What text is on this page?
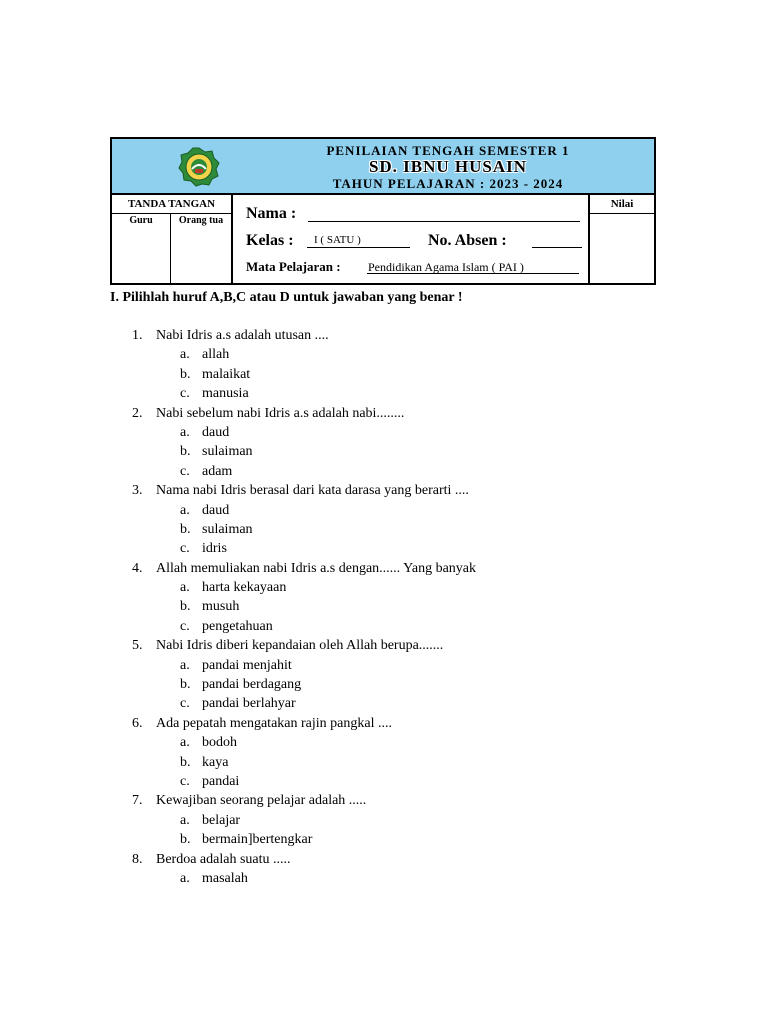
PENILAIAN TENGAH SEMESTER 1
SD. IBNU HUSAIN
TAHUN PELAJARAN : 2023 - 2024
TANDA TANGAN
Guru	Orang tua	Nama :
Kelas : I ( SATU )	No. Absen :
Mata Pelajaran : Pendidikan Agama Islam ( PAI )
Nilai
I. Pilihlah huruf A,B,C atau D untuk jawaban yang benar !
1. Nabi Idris a.s adalah utusan ....
a. allah
b. malaikat
c. manusia
2. Nabi sebelum nabi Idris a.s adalah nabi........
a. daud
b. sulaiman
c. adam
3. Nama nabi Idris berasal dari kata darasa yang berarti ....
a. daud
b. sulaiman
c. idris
4. Allah memuliakan nabi Idris a.s dengan...... Yang banyak
a. harta kekayaan
b. musuh
c. pengetahuan
5. Nabi Idris diberi kepandaian oleh Allah berupa.......
a. pandai menjahit
b. pandai berdagang
c. pandai berlahyar
6. Ada pepatah mengatakan rajin pangkal ....
a. bodoh
b. kaya
c. pandai
7. Kewajiban seorang pelajar adalah .....
a. belajar
b. bermain]bertengkar
8. Berdoa adalah suatu .....
a. masalah
